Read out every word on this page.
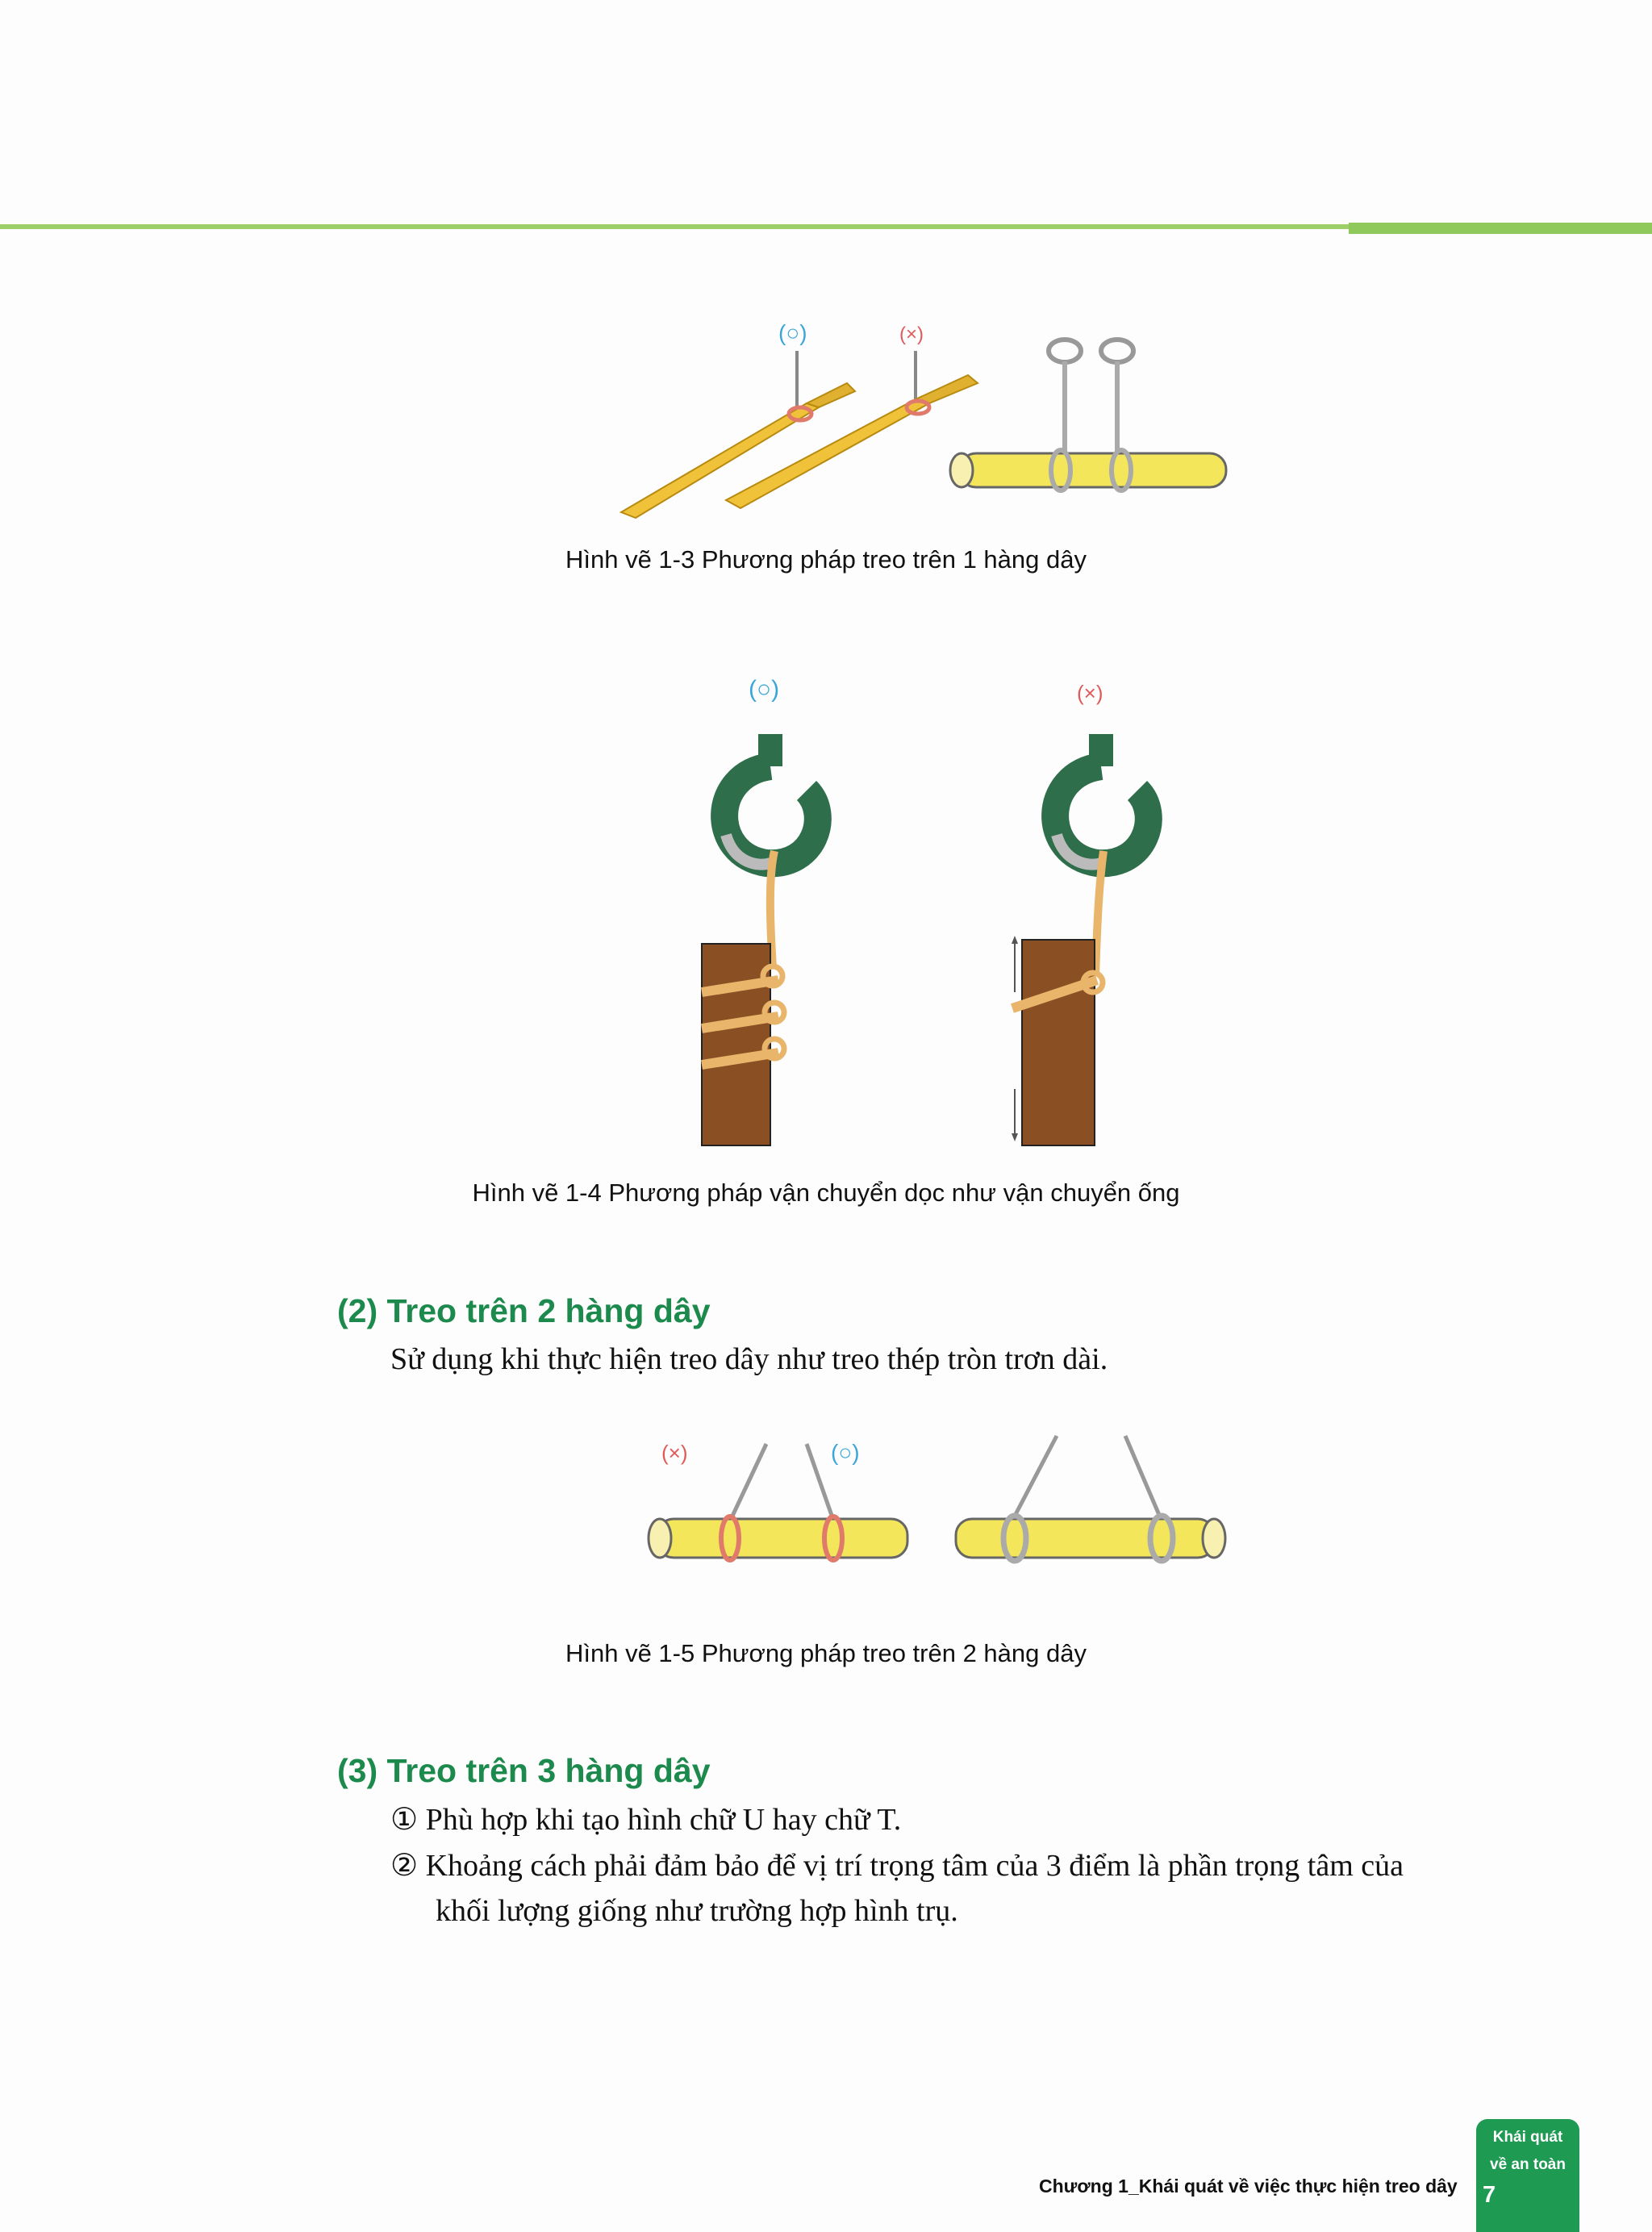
(○)	(×)
Hình vẽ 1-3 Phương pháp treo trên 1 hàng dây
(○)	(×)
Hình vẽ 1-4 Phương pháp vận chuyển dọc như vận chuyển ống
(2) Treo trên 2 hàng dây
Sử dụng khi thực hiện treo dây như treo thép tròn trơn dài.
(×)	(○)
Hình vẽ 1-5 Phương pháp treo trên 2 hàng dây
(3) Treo trên 3 hàng dây
① Phù hợp khi tạo hình chữ U hay chữ T.
② Khoảng cách phải đảm bảo để vị trí trọng tâm của 3 điểm là phần trọng tâm của
khối lượng giống như trường hợp hình trụ.
Chương 1_Khái quát về việc thực hiện treo dây
Khái quát
về an toàn
7
